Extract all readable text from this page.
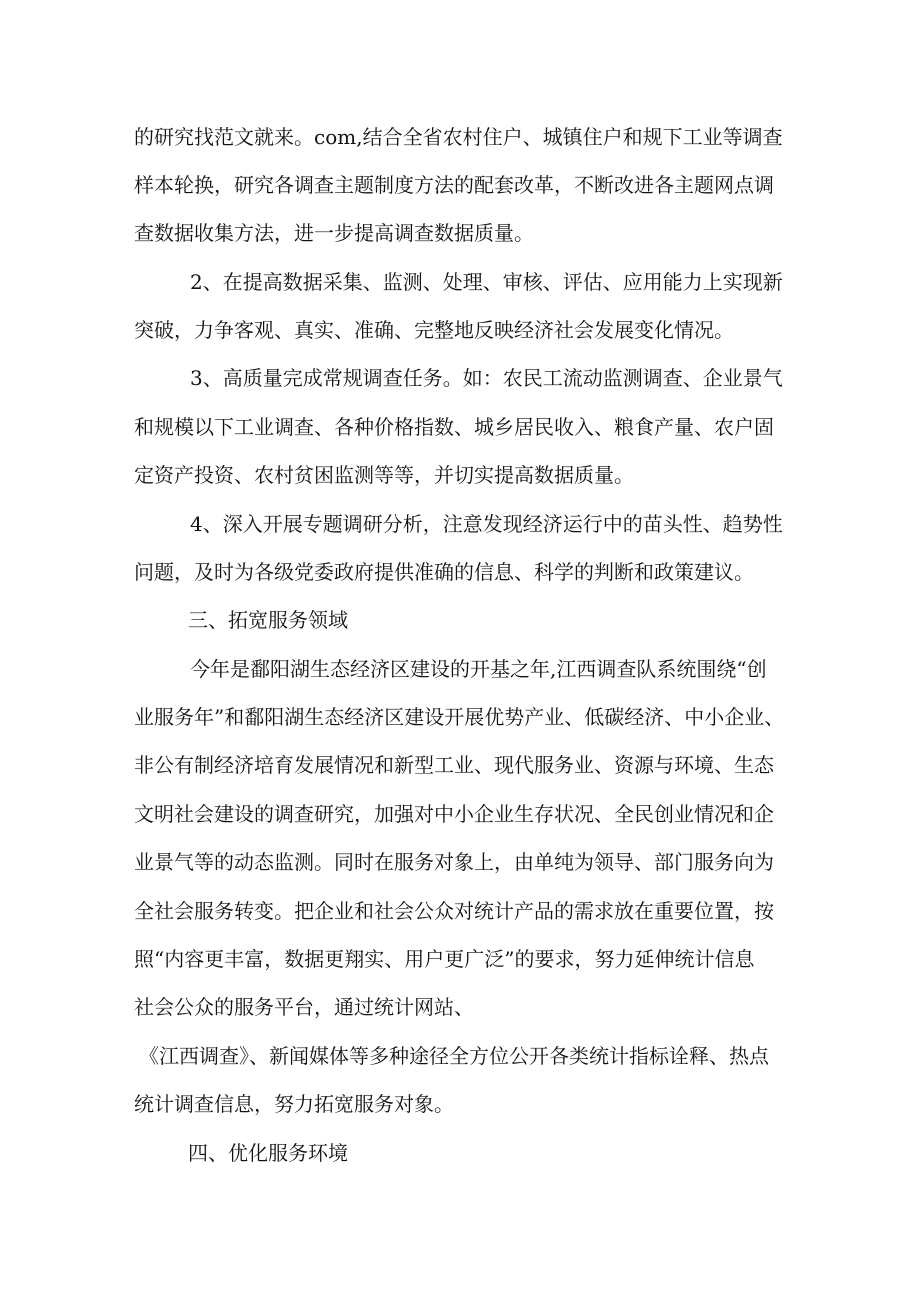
的研究找范文就来。com,结合全省农村住户、城镇住户和规下工业等调查
样本轮换，研究各调查主题制度方法的配套改革，不断改进各主题网点调
查数据收集方法，进一步提高调查数据质量。
2、在提高数据采集、监测、处理、审核、评估、应用能力上实现新
突破，力争客观、真实、准确、完整地反映经济社会发展变化情况。
3、高质量完成常规调查任务。如：农民工流动监测调查、企业景气
和规模以下工业调查、各种价格指数、城乡居民收入、粮食产量、农户固
定资产投资、农村贫困监测等等，并切实提高数据质量。
4、深入开展专题调研分析，注意发现经济运行中的苗头性、趋势性
问题，及时为各级党委政府提供准确的信息、科学的判断和政策建议。
三、拓宽服务领域
今年是鄱阳湖生态经济区建设的开基之年,江西调查队系统围绕“创
业服务年”和鄱阳湖生态经济区建设开展优势产业、低碳经济、中小企业、
非公有制经济培育发展情况和新型工业、现代服务业、资源与环境、生态
文明社会建设的调查研究，加强对中小企业生存状况、全民创业情况和企
业景气等的动态监测。同时在服务对象上，由单纯为领导、部门服务向为
全社会服务转变。把企业和社会公众对统计产品的需求放在重要位置，按
照“内容更丰富，数据更翔实、用户更广泛”的要求，努力延伸统计信息
社会公众的服务平台，通过统计网站、
《江西调查》、新闻媒体等多种途径全方位公开各类统计指标诠释、热点
统计调查信息，努力拓宽服务对象。
四、优化服务环境
